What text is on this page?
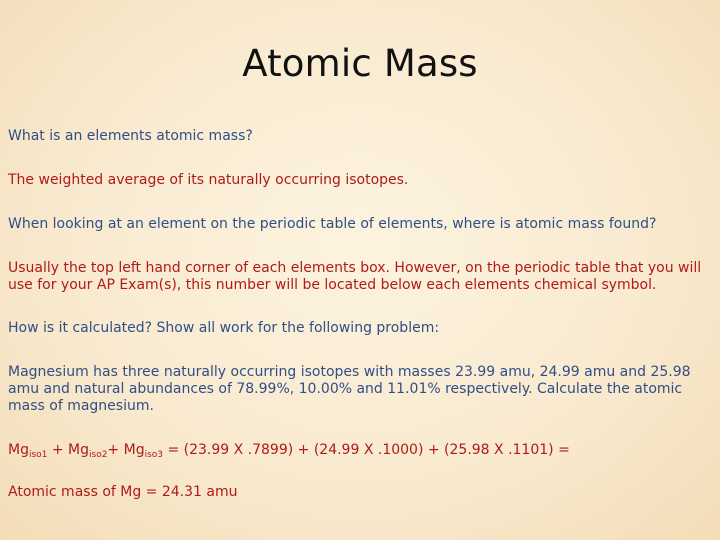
Atomic Mass
What is an elements atomic mass?
The weighted average of its naturally occurring isotopes.
When looking at an element on the periodic table of elements, where is atomic mass found?
Usually the top left hand corner of each elements box. However, on the periodic table that you will use for your AP Exam(s), this number will be located below each elements chemical symbol.
How is it calculated? Show all work for the following problem:
Magnesium has three naturally occurring isotopes with masses 23.99 amu, 24.99 amu and 25.98 amu and natural abundances of 78.99%, 10.00% and 11.01% respectively. Calculate the atomic mass of magnesium.
$Mg_{iso1} + Mg_{iso2}+ Mg_{iso3} = (23.99$ X .7899) + (24.99 X .1000) + (25.98 X .1101) =
Atomic mass of Mg = 24.31 amu
